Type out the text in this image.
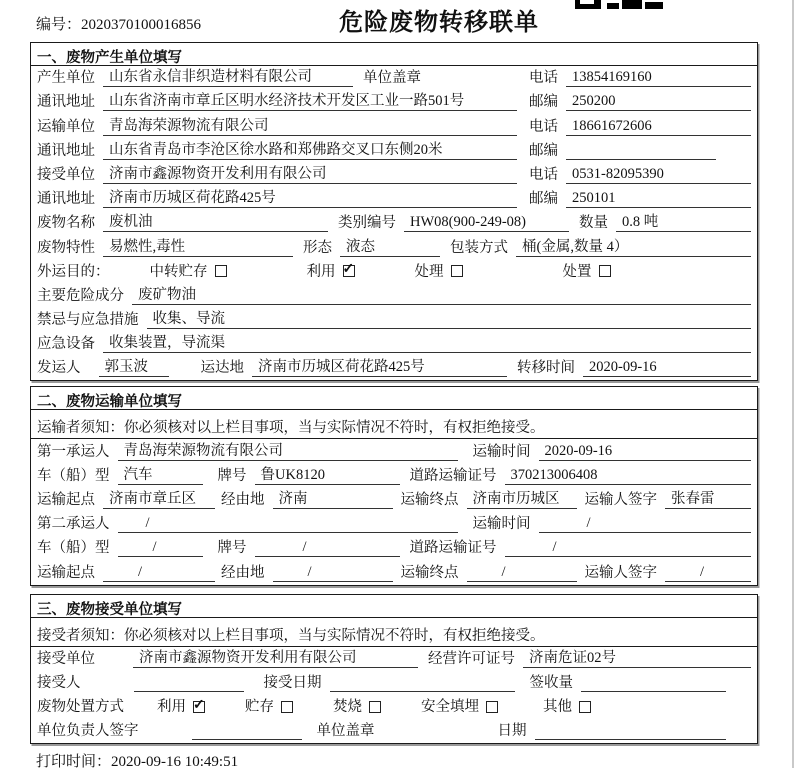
编号：2020370100016856	危险废物转移联单
一、废物产生单位填写
产生单位 山东省永信非织造材料有限公司	单位盖章	电话 13854169160
通讯地址 山东省济南市章丘区明水经济技术开发区工业一路501号	邮编 250200
运输单位 青岛海荣源物流有限公司	电话 18661672606
通讯地址 山东省青岛市李沧区徐水路和郑佛路交叉口东侧20米	邮编
接受单位 济南市鑫源物资开发利用有限公司	电话 0531-82095390
通讯地址 济南市历城区荷花路425号	邮编 250101
废物名称 废机油	类别编号 HW08(900-249-08)	数量 0.8 吨
废物特性 易燃性,毒性	形态 液态	包装方式 桶(金属,数量 4）
外运目的：	中转贮存	利用 ✓	处理	处置
主要危险成分 废矿物油
禁忌与应急措施 收集、导流
应急设备 收集装置，导流渠
发运人	郭玉波	运达地 济南市历城区荷花路425号	转移时间 2020-09-16
二、废物运输单位填写
运输者须知：你必须核对以上栏目事项，当与实际情况不符时，有权拒绝接受。
第一承运人 青岛海荣源物流有限公司	运输时间 2020-09-16
车（船）型 汽车	牌号 鲁UK8120	道路运输证号 370213006408
运输起点 济南市章丘区	经由地 济南	运输终点 济南市历城区	运输人签字 张春雷
第二承运人	/	运输时间	/
车（船）型	/	牌号	/	道路运输证号	/
运输起点	/	经由地	/	运输终点	/	运输人签字	/
三、废物接受单位填写
接受者须知：你必须核对以上栏目事项，当与实际情况不符时，有权拒绝接受。
接受单位	济南市鑫源物资开发利用有限公司	经营许可证号 济南危证02号
接受人	接受日期	签收量
废物处置方式 利用 ✓	贮存	焚烧	安全填埋	其他
单位负责人签字	单位盖章	日期
打印时间：2020-09-16 10:49:51
